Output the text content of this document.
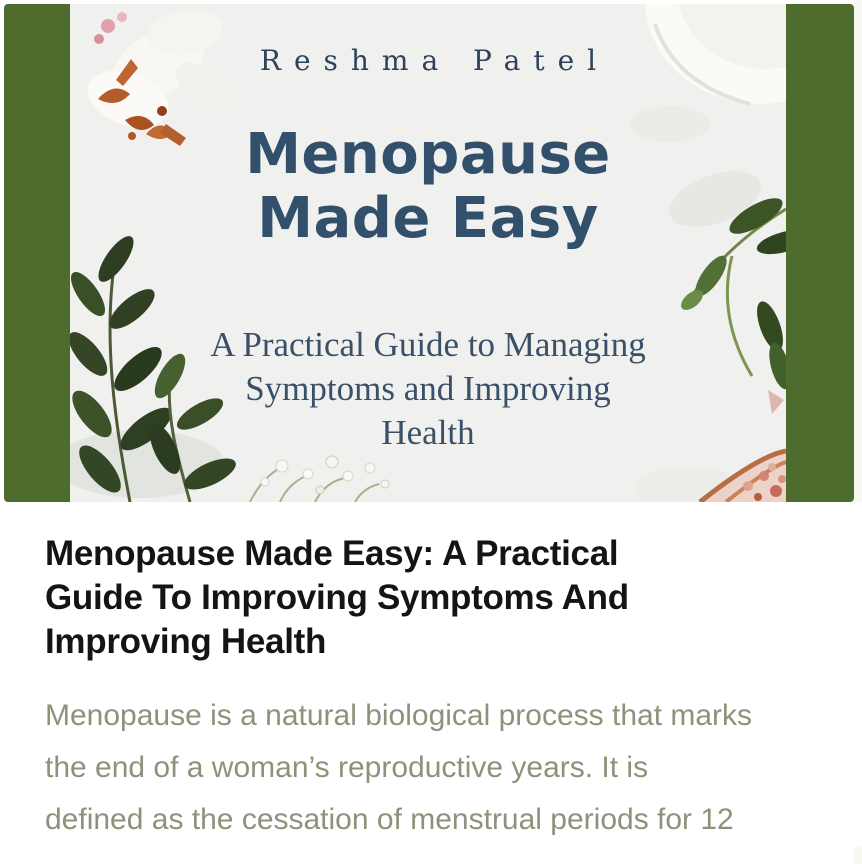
Reshma Patel
Menopause
Made Easy
A Practical Guide to Managing
Symptoms and Improving
Health
Menopause Made Easy: A Practical
Guide To Improving Symptoms And
Improving Health

Menopause is a natural biological process that marks
the end of a woman’s reproductive years. It is
defined as the cessation of menstrual periods for 12
